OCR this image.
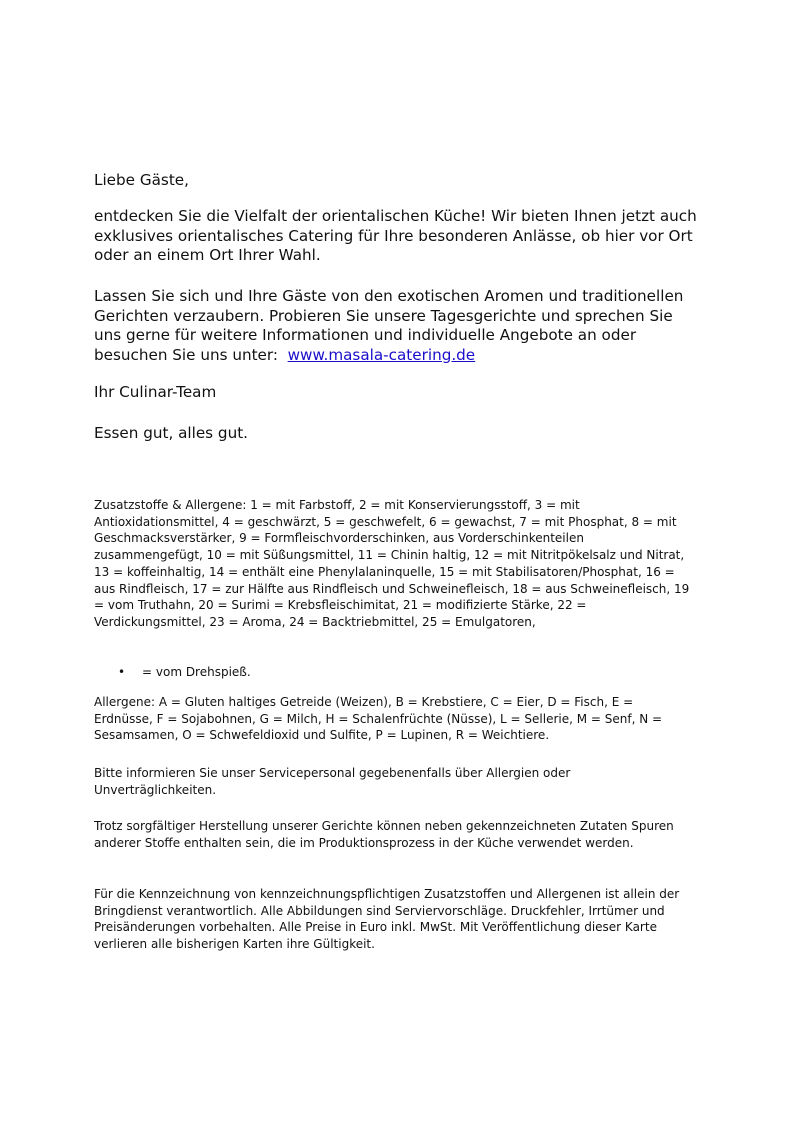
Liebe Gäste,

entdecken Sie die Vielfalt der orientalischen Küche! Wir bieten Ihnen jetzt auch exklusives orientalisches Catering für Ihre besonderen Anlässe, ob hier vor Ort oder an einem Ort Ihrer Wahl.

Lassen Sie sich und Ihre Gäste von den exotischen Aromen und traditionellen Gerichten verzaubern. Probieren Sie unsere Tagesgerichte und sprechen Sie uns gerne für weitere Informationen und individuelle Angebote an oder besuchen Sie uns unter: www.masala-catering.de

Ihr Culinar-Team

Essen gut, alles gut.

Zusatzstoffe & Allergene: 1 = mit Farbstoff, 2 = mit Konservierungsstoff, 3 = mit Antioxidationsmittel, 4 = geschwärzt, 5 = geschwefelt, 6 = gewachst, 7 = mit Phosphat, 8 = mit Geschmacksverstärker, 9 = Formfleischvorderschinken, aus Vorderschinkenteilen zusammengefügt, 10 = mit Süßungsmittel, 11 = Chinin haltig, 12 = mit Nitritpökelsalz und Nitrat, 13 = koffeinhaltig, 14 = enthält eine Phenylalaninquelle, 15 = mit Stabilisatoren/Phosphat, 16 = aus Rindfleisch, 17 = zur Hälfte aus Rindfleisch und Schweinefleisch, 18 = aus Schweinefleisch, 19 = vom Truthahn, 20 = Surimi = Krebsfleischimitat, 21 = modifizierte Stärke, 22 = Verdickungsmittel, 23 = Aroma, 24 = Backtriebmittel, 25 = Emulgatoren,

• = vom Drehspieß.

Allergene: A = Gluten haltiges Getreide (Weizen), B = Krebstiere, C = Eier, D = Fisch, E = Erdnüsse, F = Sojabohnen, G = Milch, H = Schalenfrüchte (Nüsse), L = Sellerie, M = Senf, N = Sesamsamen, O = Schwefeldioxid und Sulfite, P = Lupinen, R = Weichtiere.

Bitte informieren Sie unser Servicepersonal gegebenenfalls über Allergien oder Unverträglichkeiten.

Trotz sorgfältiger Herstellung unserer Gerichte können neben gekennzeichneten Zutaten Spuren anderer Stoffe enthalten sein, die im Produktionsprozess in der Küche verwendet werden.

Für die Kennzeichnung von kennzeichnungspflichtigen Zusatzstoffen und Allergenen ist allein der Bringdienst verantwortlich. Alle Abbildungen sind Serviervorschläge. Druckfehler, Irrtümer und Preisänderungen vorbehalten. Alle Preise in Euro inkl. MwSt. Mit Veröffentlichung dieser Karte verlieren alle bisherigen Karten ihre Gültigkeit.
